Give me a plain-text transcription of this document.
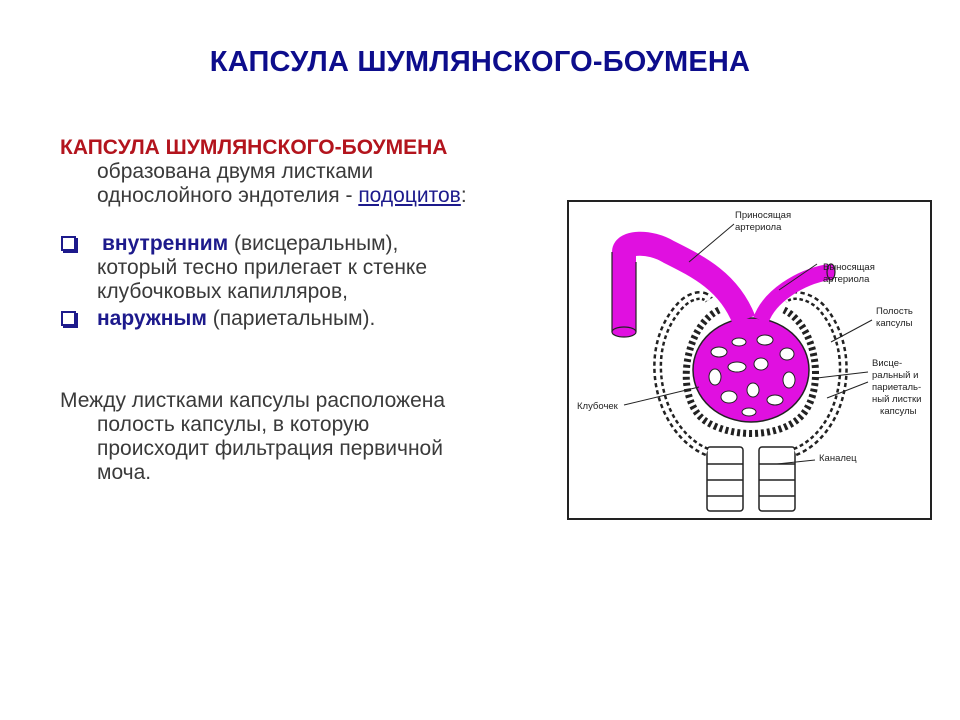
КАПСУЛА ШУМЛЯНСКОГО-БОУМЕНА

КАПСУЛА ШУМЛЯНСКОГО-БОУМЕНА
образована двумя листками
однослойного эндотелия - подоцитов:

внутренним (висцеральным),
который тесно прилегает к стенке
клубочковых капилляров,
наружным (париетальным).

Между листками капсулы расположена
полость капсулы, в которую
происходит фильтрация первичной
моча.

Приносящая
артериола
Выносящая
артериола
Полость
капсулы
Клубочек
Висце-
ральный и
париеталь-
ный листки
капсулы
Каналец
